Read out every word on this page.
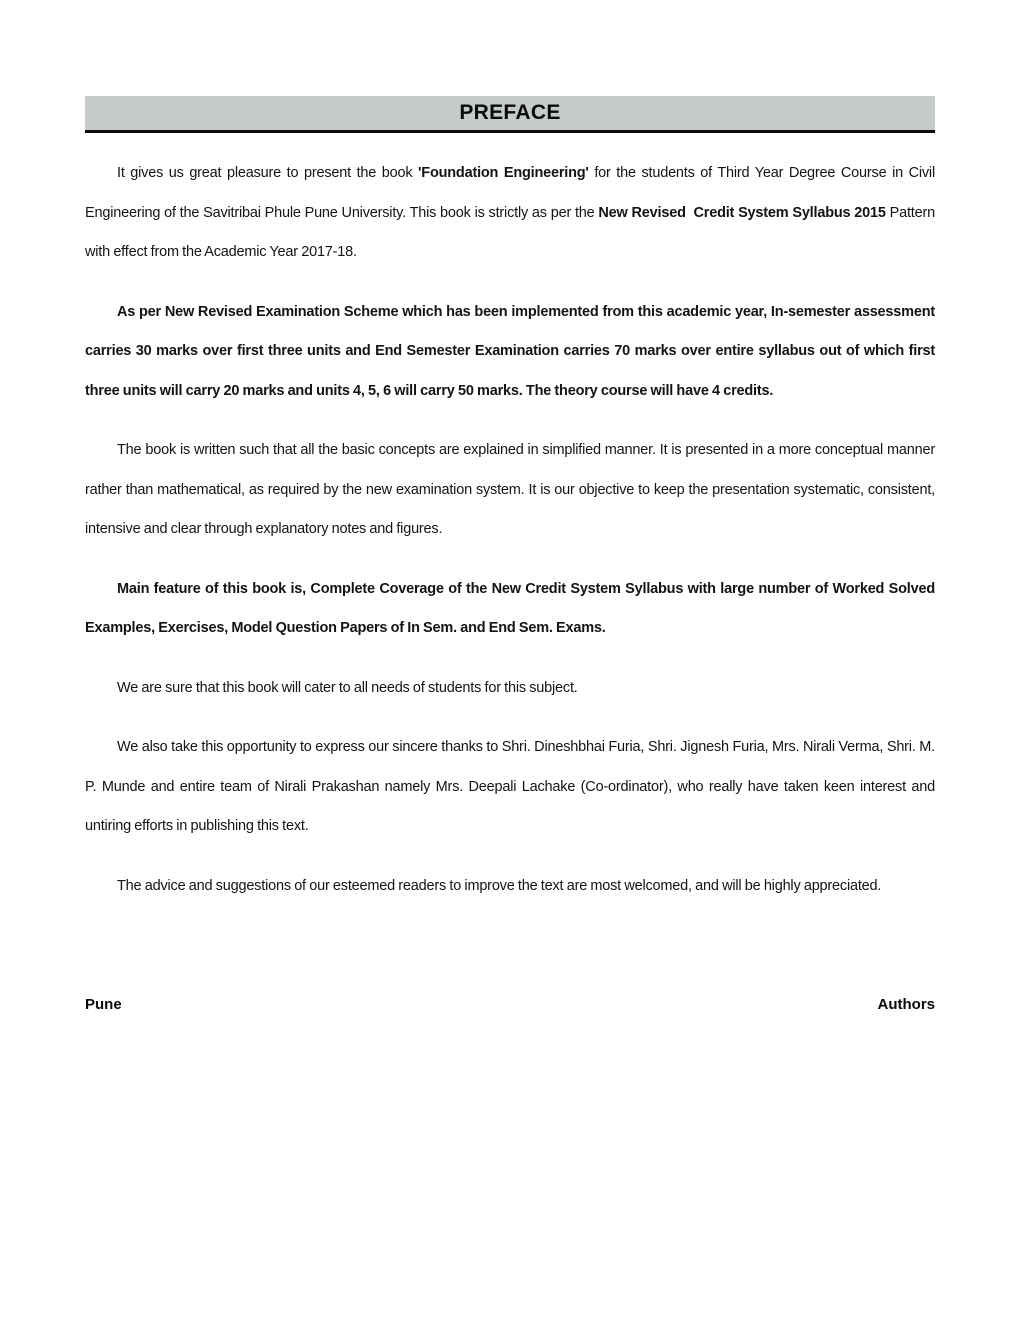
PREFACE

It gives us great pleasure to present the book 'Foundation Engineering' for the students of Third Year Degree Course in Civil Engineering of the Savitribai Phule Pune University. This book is strictly as per the New Revised  Credit System Syllabus 2015 Pattern with effect from the Academic Year 2017-18.

As per New Revised Examination Scheme which has been implemented from this academic year, In-semester assessment carries 30 marks over first three units and End Semester Examination carries 70 marks over entire syllabus out of which first three units will carry 20 marks and units 4, 5, 6 will carry 50 marks. The theory course will have 4 credits.

The book is written such that all the basic concepts are explained in simplified manner. It is presented in a more conceptual manner rather than mathematical, as required by the new examination system. It is our objective to keep the presentation systematic, consistent, intensive and clear through explanatory notes and figures.

Main feature of this book is, Complete Coverage of the New Credit System Syllabus with large number of Worked Solved Examples, Exercises, Model Question Papers of In Sem. and End Sem. Exams.

We are sure that this book will cater to all needs of students for this subject.

We also take this opportunity to express our sincere thanks to Shri. Dineshbhai Furia, Shri. Jignesh Furia, Mrs. Nirali Verma, Shri. M. P. Munde and entire team of Nirali Prakashan namely Mrs. Deepali Lachake (Co-ordinator), who really have taken keen interest and untiring efforts in publishing this text.

The advice and suggestions of our esteemed readers to improve the text are most welcomed, and will be highly appreciated.

Pune	Authors
